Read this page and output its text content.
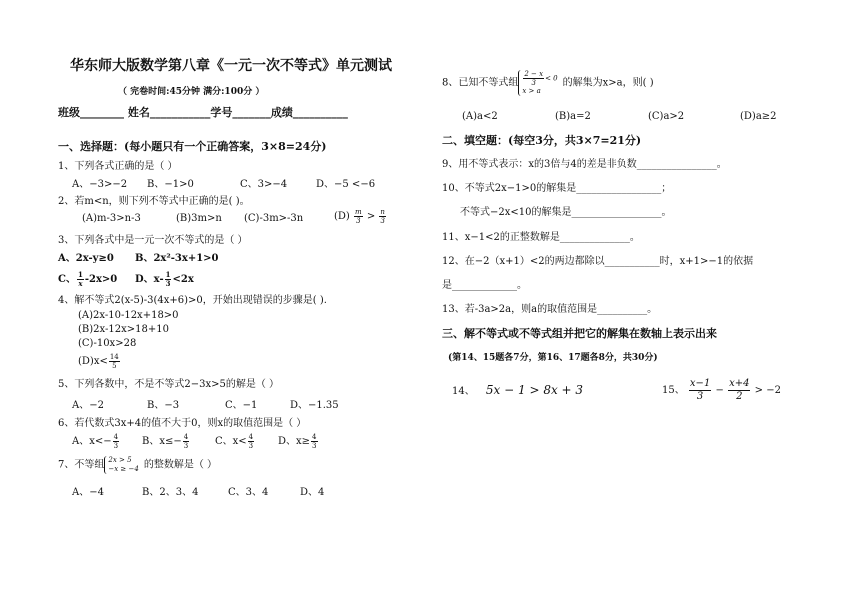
华东师大版数学第八章《一元一次不等式》单元测试
（ 完卷时间:45分钟 满分:100分 ）
班级________ 姓名___________学号_______成绩__________
一、选择题：(每小题只有一个正确答案，3×8=24分)
1、下列各式正确的是（ ）
A、−3>−2 B、−1>0	C、3>−4	D、−5 <−6
2、若m<n，则下列不等式中正确的是( )。
(A)m-3>n-3	(B)3m>n (C)-3m>-3n	$(D) \frac{m}{3} > \frac{n}{3}$
3、下列各式中是一元一次不等式的是（ ）
A、2x-y≥0 B、2x²-3x+1>0
C、 $\frac{1}{x} -2x>0$ D、$x- \frac{1}{3} <2x$
4、解不等式2(x-5)-3(4x+6)>0，开始出现错误的步骤是( ).
(A)2x-10-12x+18>0
(B)2x-12x>18+10
(C)-10x>28
$(D)x< \frac{14}{5}$
5、下列各数中，不是不等式2−3x>5的解是（ ）
A、−2	B、−3	C、−1	D、−1.35
6、若代数式3x+4的值不大于0，则x的取值范围是（ ）
A、$x<- \frac{4}{3}$ B、$x\le- \frac{4}{3}$	C、$x< \frac{4}{3}$ D、$x\ge \frac{4}{3}$
7、不等组 2x > 5
−x ≥ −4 的整数解是（ ）
A、−4	B、2、3、4	C、3、4	D、4
8、已知不等式组 $\frac{2 - x}{3} < 0$
x > a
的解集为x>a，则( )
(A)a<2	(B)a=2	(C)a>2	(D)a≥2
二、填空题：(每空3分，共3×7=21分)
9、用不等式表示：x的3倍与4的差是非负数________________。
10、不等式2x−1>0的解集是_________________；
不等式−2x<10的解集是__________________。
11、x−1<2的正整数解是______________。
12、在−2（x+1）<2的两边都除以___________时，x+1>−1的依据
是_____________。
13、若-3a>2a，则a的取值范围是__________。
三、解不等式或不等式组并把它的解集在数轴上表示出来
(第14、15题各7分，第16、17题各8分，共30分)
14、 5x − 1 > 8x + 3	15、 $\frac{x-1}{3} - \frac{x+4}{2} > -2$
